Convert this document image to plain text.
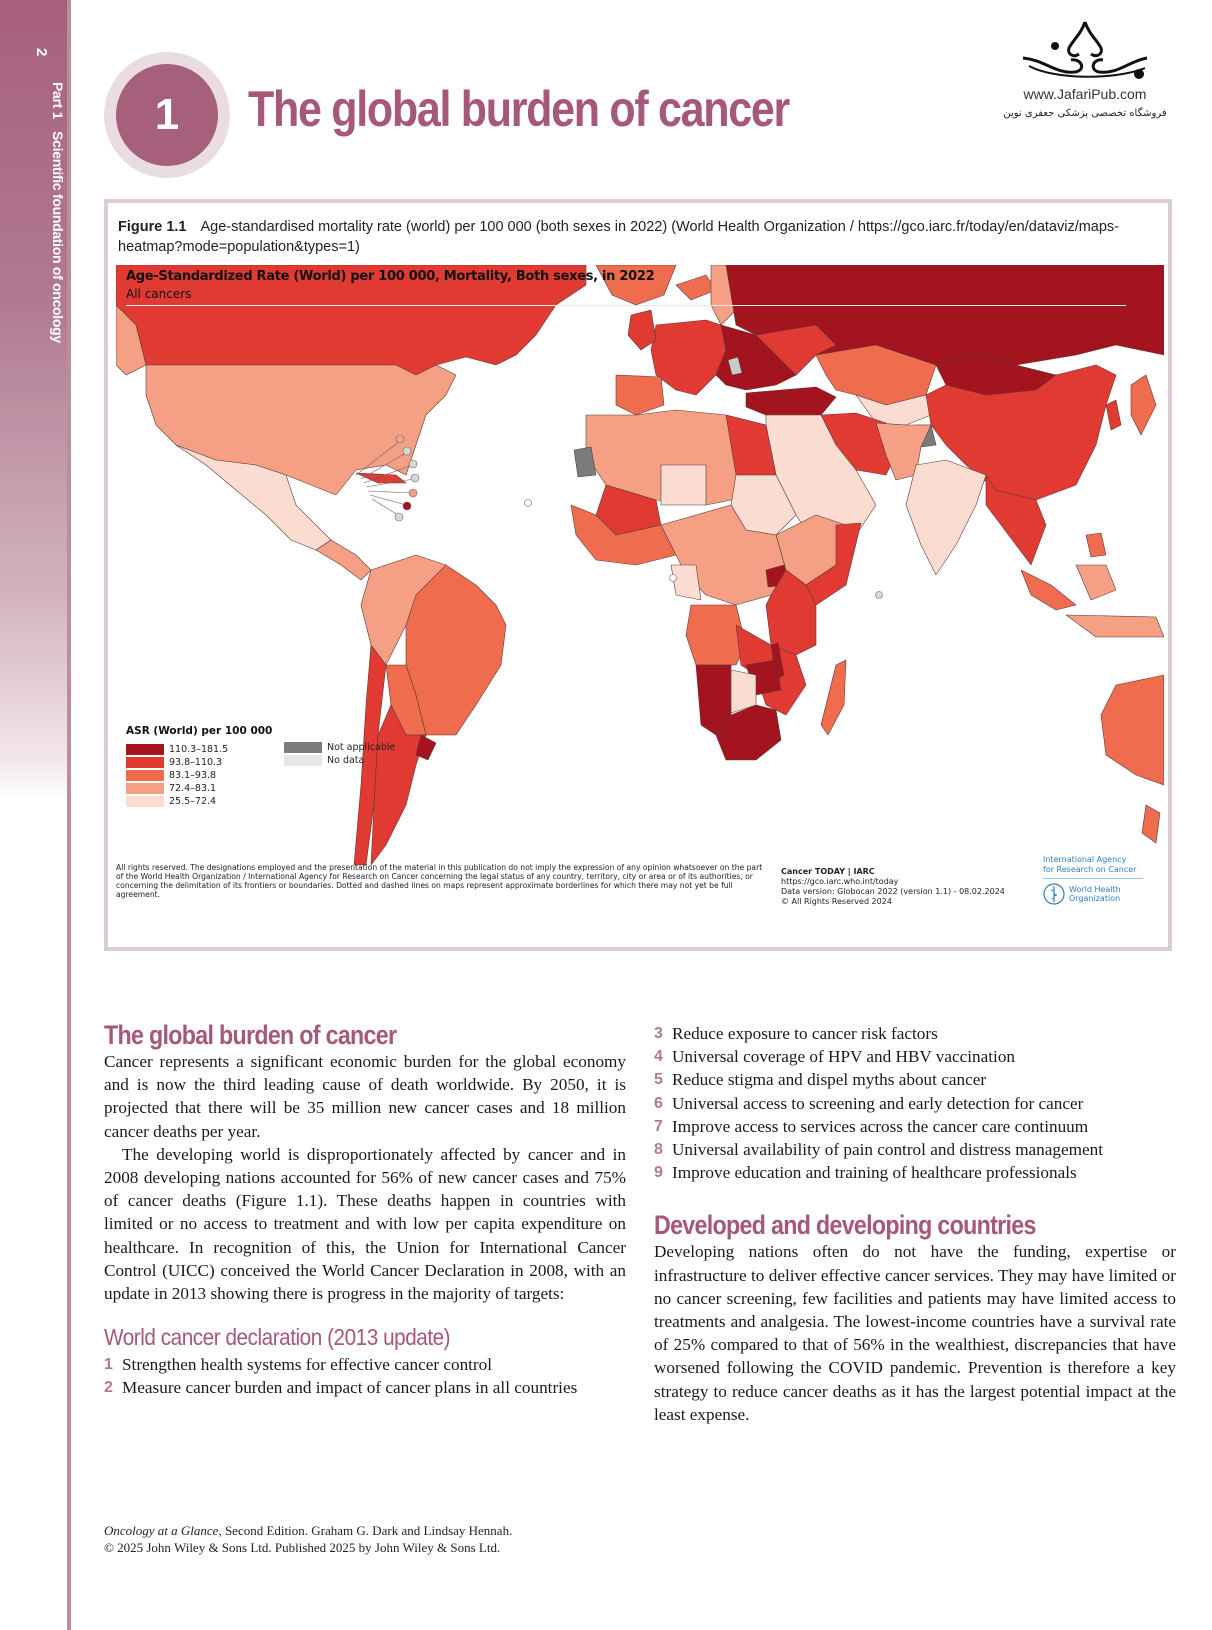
2
Part 1Scientific foundation of oncology
1	The global burden of cancer	www.JafariPub.com
فروشگاه تخصصی پزشکی جعفری نوین
Figure 1.1 Age-standardised mortality rate (world) per 100 000 (both sexes in 2022) (World Health Organization / https://gco.iarc.fr/today/en/dataviz/maps-heatmap?mode=population&types=1)
Age-Standardized Rate (World) per 100 000, Mortality, Both sexes, in 2022
All cancers
ASR (World) per 100 000
110.3–181.5
93.8–110.3
83.1–93.8
72.4–83.1
25.5–72.4
Not applicable
No data
All rights reserved. The designations employed and the presentation of the material in this publication do not imply the expression of any opinion whatsoever on the part of the World Health Organization / International Agency for Research on Cancer concerning the legal status of any country, territory, city or area or of its authorities, or concerning the delimitation of its frontiers or boundaries. Dotted and dashed lines on maps represent approximate borderlines for which there may not yet be full agreement.
Cancer TODAY | IARC
https://gco.iarc.who.int/today
Data version: Globocan 2022 (version 1.1) - 08.02.2024
© All Rights Reserved 2024
International Agency
for Research on Cancer
World Health
Organization
The global burden of cancer

Cancer represents a significant economic burden for the global economy and is now the third leading cause of death worldwide. By 2050, it is projected that there will be 35 million new cancer cases and 18 million cancer deaths per year.

The developing world is disproportionately affected by cancer and in 2008 developing nations accounted for 56% of new cancer cases and 75% of cancer deaths (Figure 1.1). These deaths happen in countries with limited or no access to treatment and with low per capita expenditure on healthcare. In recognition of this, the Union for International Cancer Control (UICC) conceived the World Cancer Declaration in 2008, with an update in 2013 showing there is progress in the majority of targets:

World cancer declaration (2013 update)
1 Strengthen health systems for effective cancer control
2 Measure cancer burden and impact of cancer plans in all countries
3 Reduce exposure to cancer risk factors
4 Universal coverage of HPV and HBV vaccination
5 Reduce stigma and dispel myths about cancer
6 Universal access to screening and early detection for cancer
7 Improve access to services across the cancer care continuum
8 Universal availability of pain control and distress management
9 Improve education and training of healthcare professionals
Developed and developing countries

Developing nations often do not have the funding, expertise or infrastructure to deliver effective cancer services. They may have limited or no cancer screening, few facilities and patients may have limited access to treatments and analgesia. The lowest-income countries have a survival rate of 25% compared to that of 56% in the wealthiest, discrepancies that have worsened following the COVID pandemic. Prevention is therefore a key strategy to reduce cancer deaths as it has the largest potential impact at the least expense.

Oncology at a Glance, Second Edition. Graham G. Dark and Lindsay Hennah.
© 2025 John Wiley & Sons Ltd. Published 2025 by John Wiley & Sons Ltd.
